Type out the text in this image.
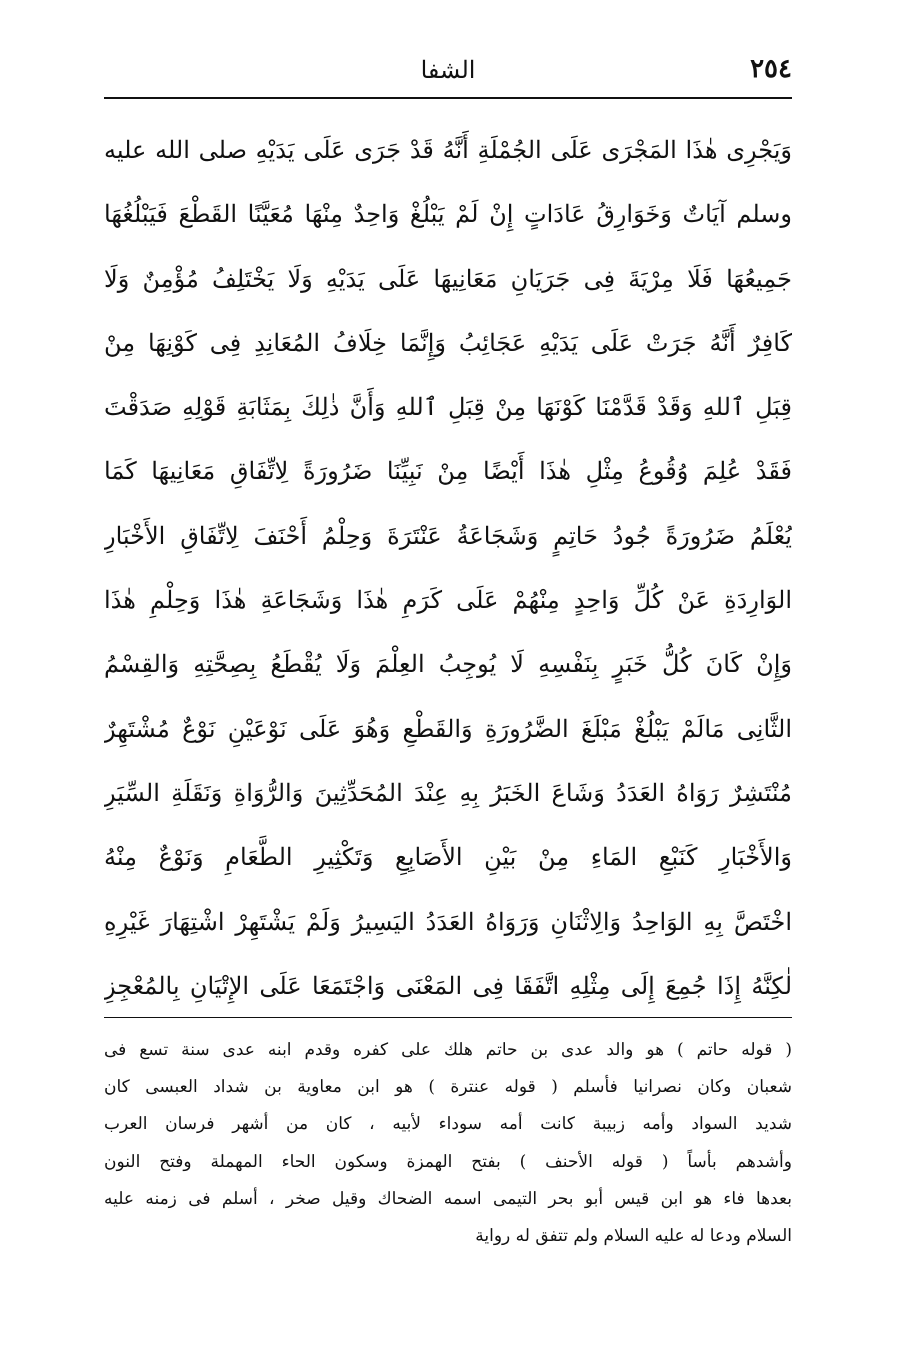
الشفا	٢٥٤
وَيَجْرِى هٰذَا المَجْرَى عَلَى الجُمْلَةِ أَنَّهُ قَدْ جَرَى عَلَى يَدَيْهِ صلى الله عليه
وسلم آيَاتٌ وَخَوَارِقُ عَادَاتٍ إِنْ لَمْ يَبْلُغْ وَاحِدٌ مِنْهَا مُعَيَّنًا القَطْعَ فَيَبْلُغُهَا
جَمِيعُهَا فَلَا مِرْيَةَ فِى جَرَيَانِ مَعَانِيهَا عَلَى يَدَيْهِ وَلَا يَخْتَلِفُ مُؤْمِنٌ وَلَا
كَافِرٌ أَنَّهُ جَرَتْ عَلَى يَدَيْهِ عَجَائِبُ وَإِنَّمَا خِلَافُ المُعَانِدِ فِى كَوْنِهَا مِنْ
قِبَلِ ٱللهِ وَقَدْ قَدَّمْنَا كَوْنَهَا مِنْ قِبَلِ ٱللهِ وَأَنَّ ذٰلِكَ بِمَثَابَةِ قَوْلِهِ صَدَقْتَ
فَقَدْ عُلِمَ وُقُوعُ مِثْلِ هٰذَا أَيْضًا مِنْ نَبِيِّنَا ضَرُورَةً لِاتِّفَاقِ مَعَانِيهَا كَمَا
يُعْلَمُ ضَرُورَةً جُودُ حَاتِمٍ وَشَجَاعَةُ عَنْتَرَةَ وَحِلْمُ أَحْنَفَ لِاتِّفَاقِ الأَخْبَارِ
الوَارِدَةِ عَنْ كُلِّ وَاحِدٍ مِنْهُمْ عَلَى كَرَمِ هٰذَا وَشَجَاعَةِ هٰذَا وَحِلْمِ هٰذَا
وَإِنْ كَانَ كُلُّ خَبَرٍ بِنَفْسِهِ لَا يُوجِبُ العِلْمَ وَلَا يُقْطَعُ بِصِحَّتِهِ وَالقِسْمُ
الثَّانِى مَالَمْ يَبْلُغْ مَبْلَغَ الضَّرُورَةِ وَالقَطْعِ وَهُوَ عَلَى نَوْعَيْنِ نَوْعٌ مُشْتَهِرٌ
مُنْتَشِرٌ رَوَاهُ العَدَدُ وَشَاعَ الخَبَرُ بِهِ عِنْدَ المُحَدِّثِينَ وَالرُّوَاةِ وَنَقَلَةِ السِّيَرِ
وَالأَخْبَارِ كَنَبْعِ المَاءِ مِنْ بَيْنِ الأَصَابِعِ وَتَكْثِيرِ الطَّعَامِ وَنَوْعٌ مِنْهُ
اخْتَصَّ بِهِ الوَاحِدُ وَالِاثْنَانِ وَرَوَاهُ العَدَدُ اليَسِيرُ وَلَمْ يَشْتَهِرْ اشْتِهَارَ غَيْرِهِ
لٰكِنَّهُ إِذَا جُمِعَ إِلَى مِثْلِهِ اتَّفَقَا فِى المَعْنَى وَاجْتَمَعَا عَلَى الإِتْيَانِ بِالمُعْجِزِ
( قوله حاتم ) هو والد عدى بن حاتم هلك على كفره وقدم ابنه عدى سنة تسع فى
شعبان وكان نصرانيا فأسلم ( قوله عنترة ) هو ابن معاوية بن شداد العبسى كان
شديد السواد وأمه زبيبة كانت أمه سوداء لأبيه ، كان من أشهر فرسان العرب
وأشدهم بأساً ( قوله الأحنف ) بفتح الهمزة وسكون الحاء المهملة وفتح النون
بعدها فاء هو ابن قيس أبو بحر التيمى اسمه الضحاك وقيل صخر ، أسلم فى زمنه عليه
السلام ودعا له عليه السلام ولم تتفق له رواية
